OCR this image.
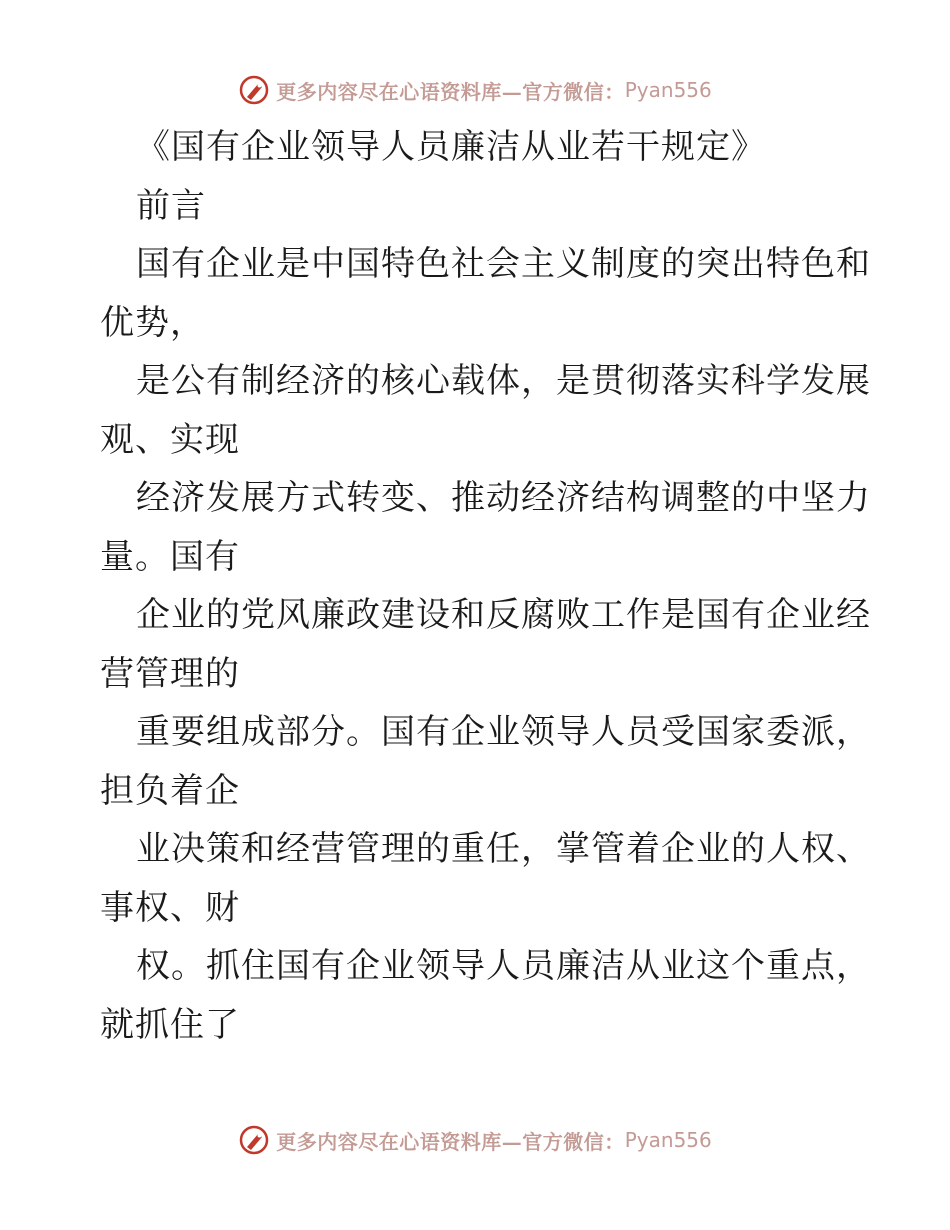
更多内容尽在心语资料库—官方微信： Pyan556
《国有企业领导人员廉洁从业若干规定》
前言
国有企业是中国特色社会主义制度的突出特色和
优势，
是公有制经济的核心载体，是贯彻落实科学发展
观、实现
经济发展方式转变、推动经济结构调整的中坚力
量。国有
企业的党风廉政建设和反腐败工作是国有企业经
营管理的
重要组成部分。国有企业领导人员受国家委派，
担负着企
业决策和经营管理的重任，掌管着企业的人权、
事权、财
权。抓住国有企业领导人员廉洁从业这个重点，
就抓住了
更多内容尽在心语资料库—官方微信： Pyan556
